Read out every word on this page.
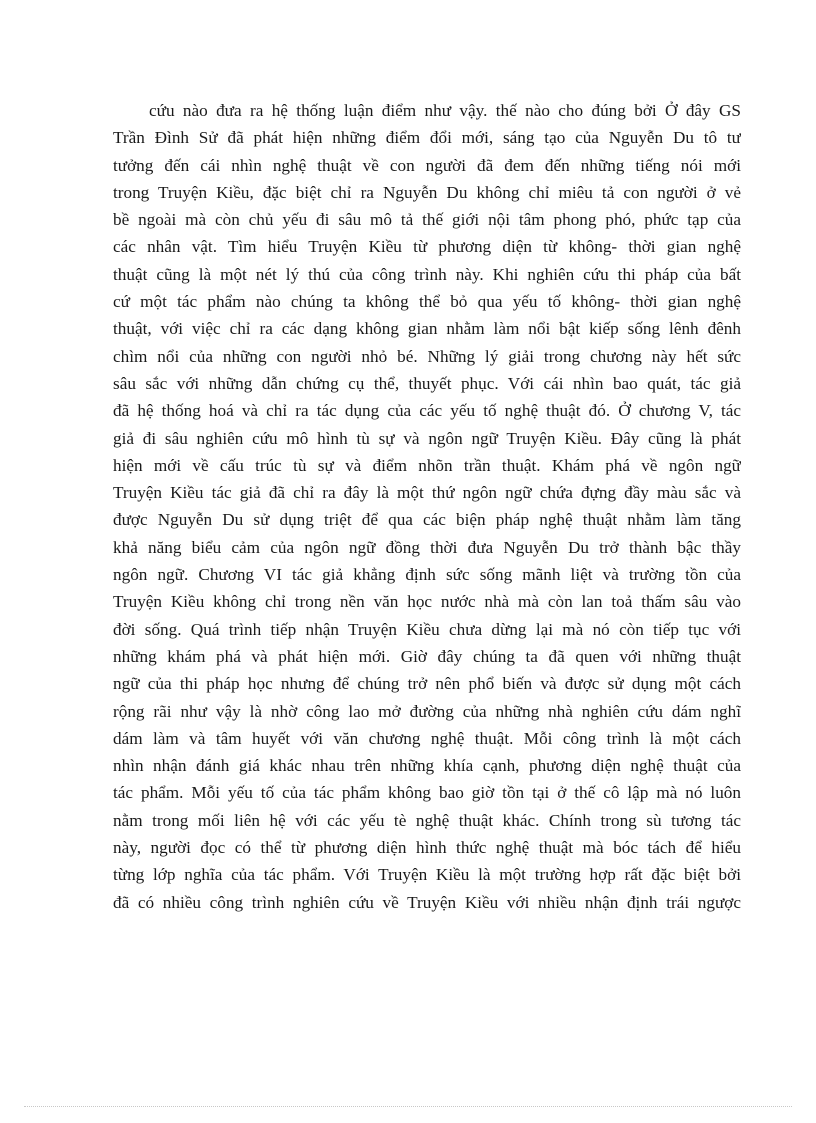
cứu nào đưa ra hệ thống luận điểm như vậy. thế nào cho đúng bởi Ở đây GS
Trần Đình Sử đã phát hiện những điểm đổi mới, sáng tạo của Nguyễn Du tô tư
tưởng đến cái nhìn nghệ thuật về con người đã đem đến những tiếng nói mới
trong Truyện Kiều, đặc biệt chỉ ra Nguyễn Du không chỉ miêu tả con người ở vẻ
bề ngoài mà còn chủ yếu đi sâu mô tả thế giới nội tâm phong phó, phức tạp của
các nhân vật. Tìm hiểu Truyện Kiều từ phương diện từ không- thời gian nghệ
thuật cũng là một nét lý thú của công trình này. Khi nghiên cứu thi pháp của bất
cứ một tác phẩm nào chúng ta không thể bỏ qua yếu tố không- thời gian nghệ
thuật, với việc chỉ ra các dạng không gian nhằm làm nổi bật kiếp sống lênh đênh
chìm nổi của những con người nhỏ bé. Những lý giải trong chương này hết sức
sâu sắc với những dẫn chứng cụ thể, thuyết phục. Với cái nhìn bao quát, tác giả
đã hệ thống hoá và chỉ ra tác dụng của các yếu tố nghệ thuật đó. Ở chương V, tác
giả đi sâu nghiên cứu mô hình tù sự và ngôn ngữ Truyện Kiều. Đây cũng là phát
hiện mới về cấu trúc tù sự và điểm nhõn trần thuật. Khám phá về ngôn ngữ
Truyện Kiều tác giả đã chỉ ra đây là một thứ ngôn ngữ chứa đựng đầy màu sắc và
được Nguyễn Du sử dụng triệt để qua các biện pháp nghệ thuật nhằm làm tăng
khả năng biểu cảm của ngôn ngữ đồng thời đưa Nguyễn Du trở thành bậc thầy
ngôn ngữ. Chương VI tác giả khẳng định sức sống mãnh liệt và trường tồn của
Truyện Kiều không chỉ trong nền văn học nước nhà mà còn lan toả thấm sâu vào
đời sống. Quá trình tiếp nhận Truyện Kiều chưa dừng lại mà nó còn tiếp tục với
những khám phá và phát hiện mới. Giờ đây chúng ta đã quen với những thuật
ngữ của thi pháp học nhưng để chúng trở nên phổ biến và được sử dụng một cách
rộng rãi như vậy là nhờ công lao mở đường của những nhà nghiên cứu dám nghĩ
dám làm và tâm huyết với văn chương nghệ thuật. Mỗi công trình là một cách
nhìn nhận đánh giá khác nhau trên những khía cạnh, phương diện nghệ thuật của
tác phẩm. Mỗi yếu tố của tác phẩm không bao giờ tồn tại ở thế cô lập mà nó luôn
nằm trong mối liên hệ với các yếu tè nghệ thuật khác. Chính trong sù tương tác
này, người đọc có thể từ phương diện hình thức nghệ thuật mà bóc tách để hiểu
từng lớp nghĩa của tác phẩm. Với Truyện Kiều là một trường hợp rất đặc biệt bởi
đã có nhiều công trình nghiên cứu về Truyện Kiều với nhiều nhận định trái ngược
